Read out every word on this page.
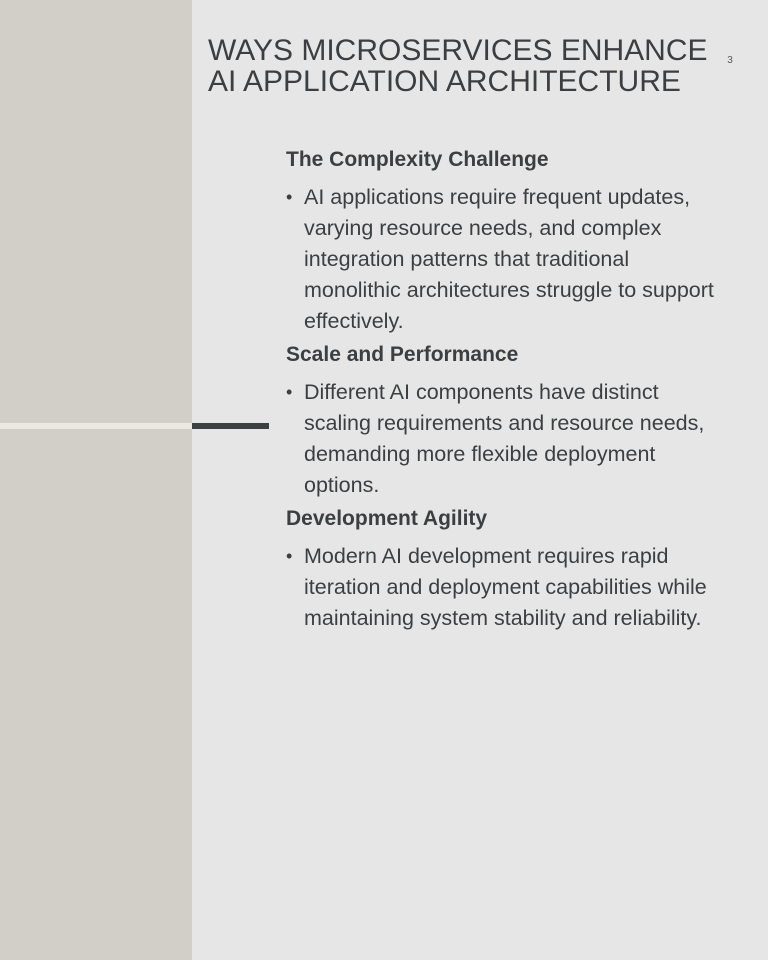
WAYS MICROSERVICES ENHANCE AI APPLICATION ARCHITECTURE
3
The Complexity Challenge
• AI applications require frequent updates, varying resource needs, and complex integration patterns that traditional monolithic architectures struggle to support effectively.
Scale and Performance
• Different AI components have distinct scaling requirements and resource needs, demanding more flexible deployment options.
Development Agility
• Modern AI development requires rapid iteration and deployment capabilities while maintaining system stability and reliability.
